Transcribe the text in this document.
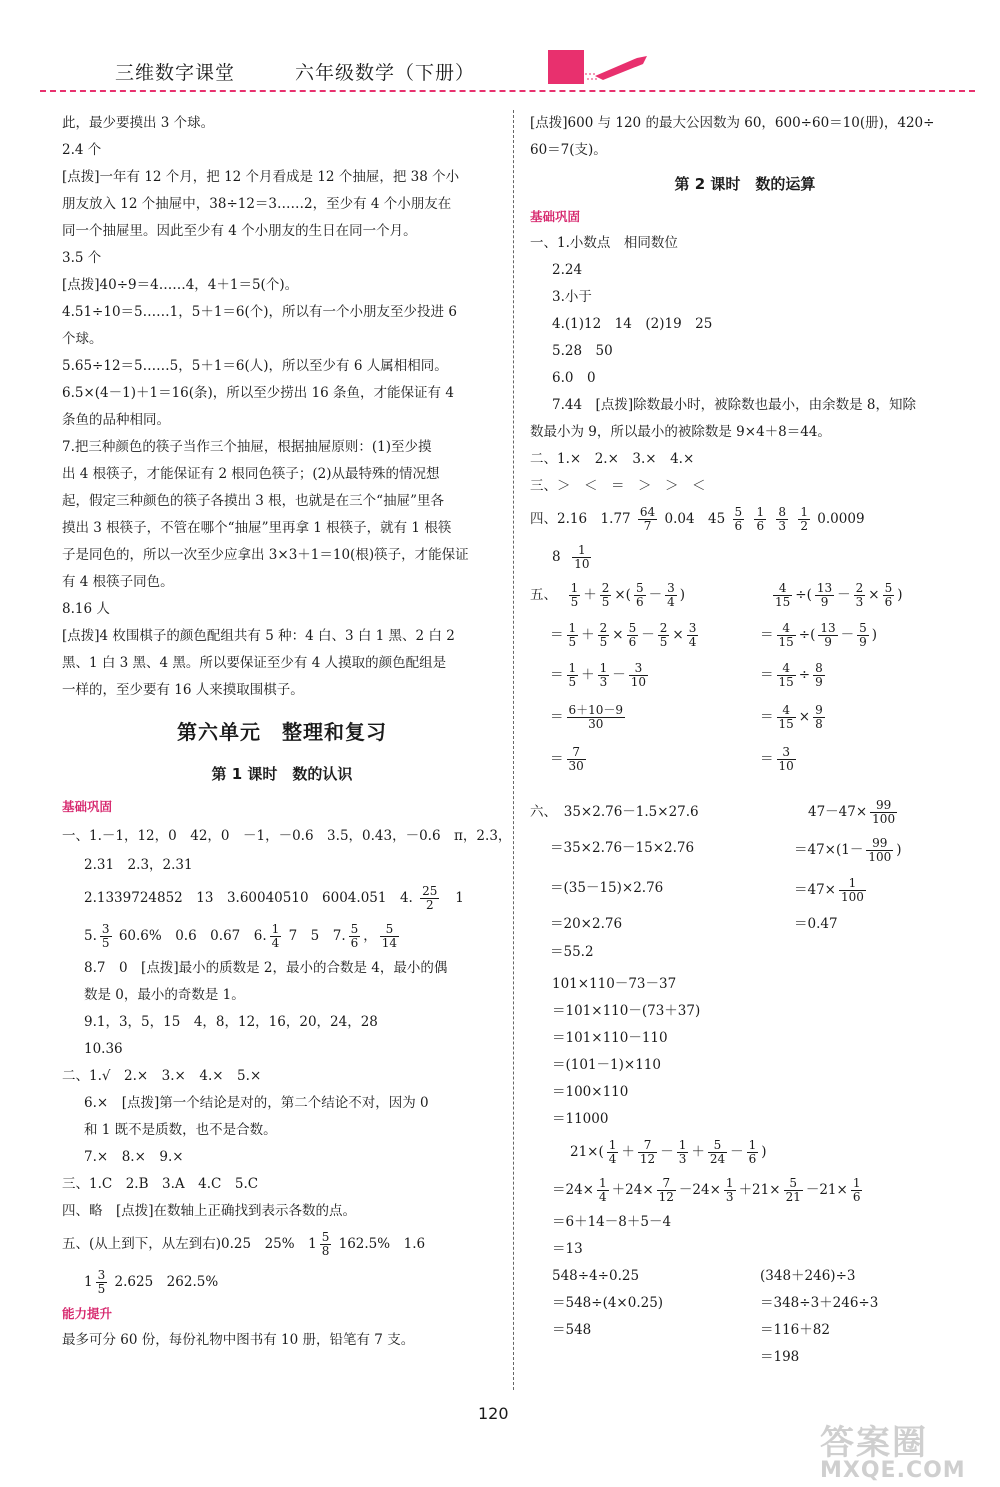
三维数字课堂	六年级数学（下册）
此，最少要摸出 3 个球。
2.4 个
[点拨]一年有 12 个月，把 12 个月看成是 12 个抽屉，把 38 个小
朋友放入 12 个抽屉中，38÷12＝3……2，至少有 4 个小朋友在
同一个抽屉里。因此至少有 4 个小朋友的生日在同一个月。
3.5 个
[点拨]40÷9＝4……4，4＋1＝5(个)。
4.51÷10＝5……1，5＋1＝6(个)，所以有一个小朋友至少投进 6
个球。
5.65÷12＝5……5，5＋1＝6(人)，所以至少有 6 人属相相同。
6.5×(4－1)＋1＝16(条)，所以至少捞出 16 条鱼，才能保证有 4
条鱼的品种相同。
7.把三种颜色的筷子当作三个抽屉，根据抽屉原则：(1)至少摸
出 4 根筷子，才能保证有 2 根同色筷子；(2)从最特殊的情况想
起，假定三种颜色的筷子各摸出 3 根，也就是在三个“抽屉”里各
摸出 3 根筷子，不管在哪个“抽屉”里再拿 1 根筷子，就有 1 根筷
子是同色的，所以一次至少应拿出 3×3＋1＝10(根)筷子，才能保证
有 4 根筷子同色。
8.16 人
[点拨]4 枚围棋子的颜色配组共有 5 种：4 白、3 白 1 黑、2 白 2
黑、1 白 3 黑、4 黑。所以要保证至少有 4 人摸取的颜色配组是
一样的，至少要有 16 人来摸取围棋子。
第六单元　整理和复习
第 1 课时　数的认识
基础巩固
一、1.－1，12，0　42，0　－1，－0.6　3.5，0.43，－0.6　π，2.3，
2.31　2.3，2.31
2.1339724852　13　3.60040510　6004.051　4. $\frac{25}{2} 1$
5. $\frac{3}{5} 60.6\%$　0.6　0.67　6. $\frac{1}{4} 7$　5　7. $\frac{5}{6}$ ， $\frac{5}{14}$
8.7　0　[点拨]最小的质数是 2，最小的合数是 4，最小的偶
数是 0，最小的奇数是 1。
9.1，3，5，15　4，8，12，16，20，24，28
10.36
二、1.√　2.×　3.×　4.×　5.×
6.×　[点拨]第一个结论是对的，第二个结论不对，因为 0
和 1 既不是质数，也不是合数。
7.×　8.×　9.×
三、1.C　2.B　3.A　4.C　5.C
四、略　[点拨]在数轴上正确找到表示各数的点。
五、(从上到下，从左到右)0.25　25%　$1 \frac{5}{8} 162.5\%$　1.6
$1 \frac{3}{5} 2.625$　262.5%
能力提升
最多可分 60 份，每份礼物中图书有 10 册，铅笔有 7 支。
[点拨]600 与 120 的最大公因数为 60，600÷60＝10(册)，420÷
60＝7(支)。
第 2 课时　数的运算
基础巩固
一、1.小数点　相同数位
2.24
3.小于
4.(1)12　14　(2)19　25
5.28　50
6.0　0
7.44　[点拨]除数最小时，被除数也最小，由余数是 8，知除
数最小为 9，所以最小的被除数是 9×4＋8＝44。
二、1.×　2.×　3.×　4.×
三、＞　＜　＝　＞　＞　＜
四、2.16　$1.77 \frac{64}{7} 0.04$　$45 \frac{5}{6}$
$\frac{1}{6}$
$\frac{8}{3}$
$\frac{1}{2} 0.0009$
$8 \frac{1}{10}$
五、 $\frac{1}{5} + \frac{2}{5}$ ×( $\frac{5}{6} - \frac{3}{4}$ )
＝ $\frac{1}{5} + \frac{2}{5} \times \frac{5}{6} - \frac{2}{5} \times \frac{3}{4}$
＝ $\frac{1}{5} + \frac{1}{3} - \frac{3}{10}$
＝ $\frac{6+10-9}{30}$
＝ $\frac{7}{30}$
$\frac{4}{15}$ ÷( $\frac{13}{9} - \frac{2}{3} \times \frac{5}{6}$ )
＝ $\frac{4}{15}$ ÷( $\frac{13}{9} - \frac{5}{9}$ )
＝ $\frac{4}{15} \div \frac{8}{9}$
＝ $\frac{4}{15} \times \frac{9}{8}$
＝ $\frac{3}{10}$
六、　35×2.76－1.5×27.6
＝35×2.76－15×2.76
＝(35－15)×2.76
＝20×2.76
＝55.2
$47-47\times \frac{99}{100}$
$=47\times(1- \frac{99}{100}$ )
$=47\times \frac{1}{100}$
＝0.47
101×110－73－37
＝101×110－(73＋37)
＝101×110－110
＝(101－1)×110
＝100×110
＝11000
$21\times( \frac{1}{4} + \frac{7}{12} - \frac{1}{3} + \frac{5}{24} - \frac{1}{6}$ )
$=24\times \frac{1}{4} +24\times \frac{7}{12} -24\times \frac{1}{3} +21\times \frac{5}{21} -21\times \frac{1}{6}$
＝6＋14－8＋5－4
＝13
548÷4÷0.25
＝548÷(4×0.25)
＝548
(348＋246)÷3
＝348÷3＋246÷3
＝116＋82
＝198
120
答案圈
MXQE.COM
